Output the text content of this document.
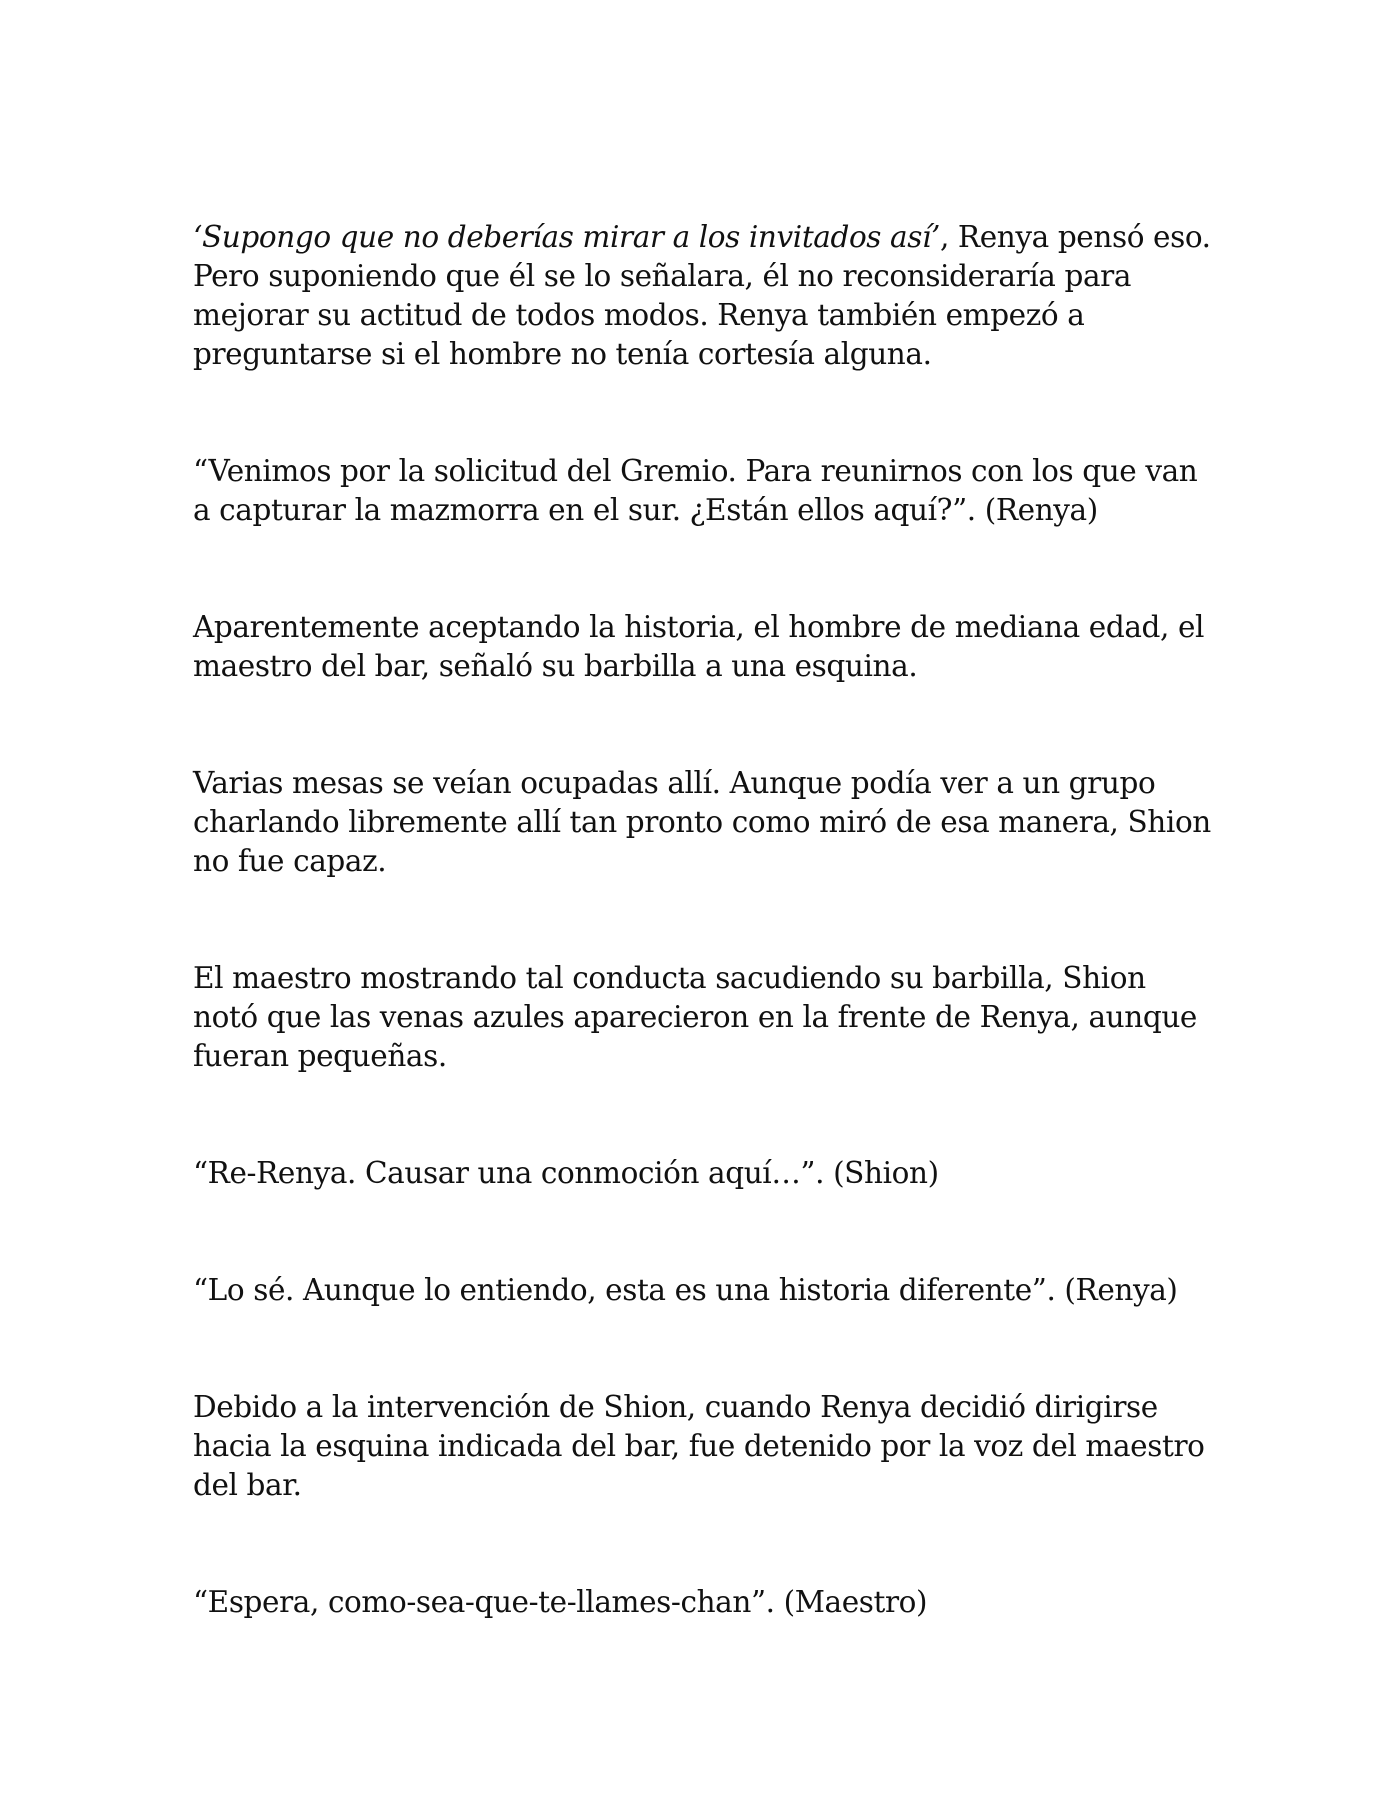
‘Supongo que no deberías mirar a los invitados así’, Renya pensó eso. Pero suponiendo que él se lo señalara, él no reconsideraría para mejorar su actitud de todos modos. Renya también empezó a preguntarse si el hombre no tenía cortesía alguna.

“Venimos por la solicitud del Gremio. Para reunirnos con los que van a capturar la mazmorra en el sur. ¿Están ellos aquí?”. (Renya)

Aparentemente aceptando la historia, el hombre de mediana edad, el maestro del bar, señaló su barbilla a una esquina.

Varias mesas se veían ocupadas allí. Aunque podía ver a un grupo charlando libremente allí tan pronto como miró de esa manera, Shion no fue capaz.

El maestro mostrando tal conducta sacudiendo su barbilla, Shion notó que las venas azules aparecieron en la frente de Renya, aunque fueran pequeñas.

“Re-Renya. Causar una conmoción aquí…”. (Shion)

“Lo sé. Aunque lo entiendo, esta es una historia diferente”. (Renya)

Debido a la intervención de Shion, cuando Renya decidió dirigirse hacia la esquina indicada del bar, fue detenido por la voz del maestro del bar.

“Espera, como-sea-que-te-llames-chan”. (Maestro)
